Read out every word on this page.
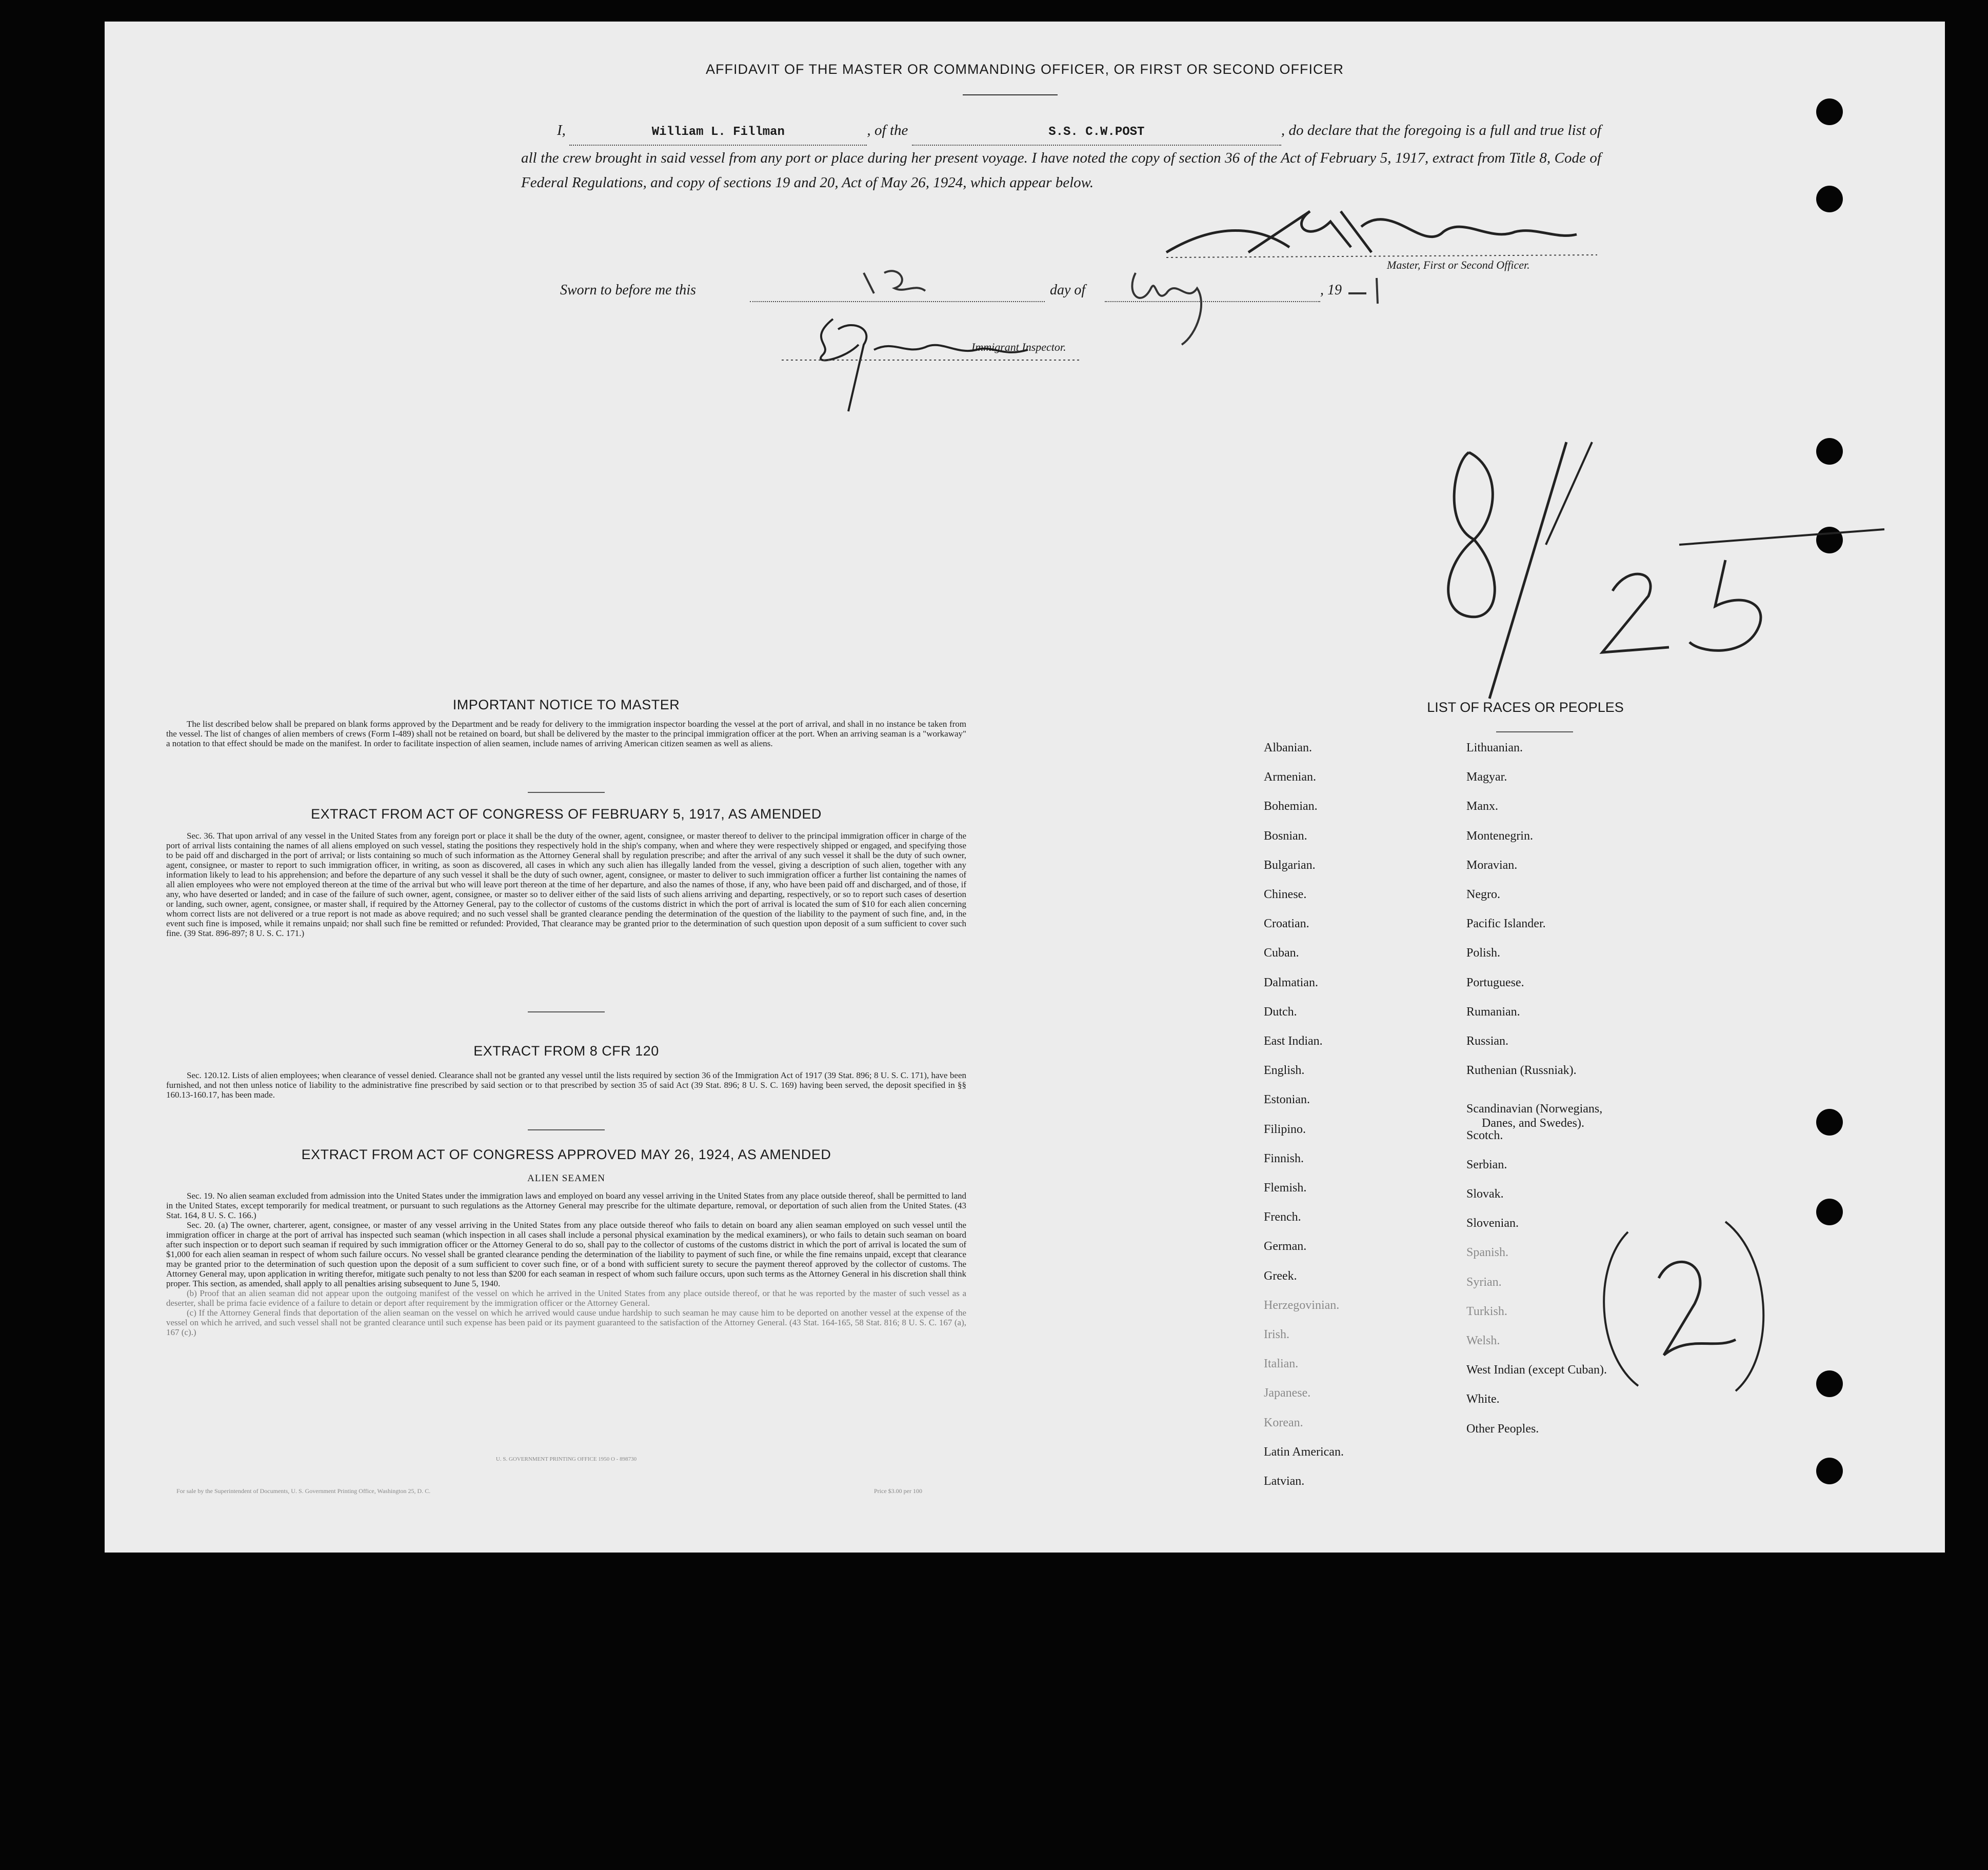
AFFIDAVIT OF THE MASTER OR COMMANDING OFFICER, OR FIRST OR SECOND OFFICER
I,	William L. Fillman	, of the	S.S. C.W.POST	, do declare that the foregoing is a full and true list of all the crew brought in said vessel from any port or place during her present voyage. I have noted the copy of section 36 of the Act of February 5, 1917, extract from Title 8, Code of Federal Regulations, and copy of sections 19 and 20, Act of May 26, 1924, which appear below.
Master, First or Second Officer.
Sworn to before me this	day of	, 19
Immigrant Inspector.
IMPORTANT NOTICE TO MASTER

The list described below shall be prepared on blank forms approved by the Department and be ready for delivery to the immigration inspector boarding the vessel at the port of arrival, and shall in no instance be taken from the vessel. The list of changes of alien members of crews (Form I-489) shall not be retained on board, but shall be delivered by the master to the principal immigration officer at the port. When an arriving seaman is a "workaway" a notation to that effect should be made on the manifest. In order to facilitate inspection of alien seamen, include names of arriving American citizen seamen as well as aliens.

EXTRACT FROM ACT OF CONGRESS OF FEBRUARY 5, 1917, AS AMENDED

Sec. 36. That upon arrival of any vessel in the United States from any foreign port or place it shall be the duty of the owner, agent, consignee, or master thereof to deliver to the principal immigration officer in charge of the port of arrival lists containing the names of all aliens employed on such vessel, stating the positions they respectively hold in the ship's company, when and where they were respectively shipped or engaged, and specifying those to be paid off and discharged in the port of arrival; or lists containing so much of such information as the Attorney General shall by regulation prescribe; and after the arrival of any such vessel it shall be the duty of such owner, agent, consignee, or master to report to such immigration officer, in writing, as soon as discovered, all cases in which any such alien has illegally landed from the vessel, giving a description of such alien, together with any information likely to lead to his apprehension; and before the departure of any such vessel it shall be the duty of such owner, agent, consignee, or master to deliver to such immigration officer a further list containing the names of all alien employees who were not employed thereon at the time of the arrival but who will leave port thereon at the time of her departure, and also the names of those, if any, who have been paid off and discharged, and of those, if any, who have deserted or landed; and in case of the failure of such owner, agent, consignee, or master so to deliver either of the said lists of such aliens arriving and departing, respectively, or so to report such cases of desertion or landing, such owner, agent, consignee, or master shall, if required by the Attorney General, pay to the collector of customs of the customs district in which the port of arrival is located the sum of $10 for each alien concerning whom correct lists are not delivered or a true report is not made as above required; and no such vessel shall be granted clearance pending the determination of the question of the liability to the payment of such fine, and, in the event such fine is imposed, while it remains unpaid; nor shall such fine be remitted or refunded: Provided, That clearance may be granted prior to the determination of such question upon deposit of a sum sufficient to cover such fine. (39 Stat. 896-897; 8 U. S. C. 171.)

EXTRACT FROM 8 CFR 120

Sec. 120.12. Lists of alien employees; when clearance of vessel denied. Clearance shall not be granted any vessel until the lists required by section 36 of the Immigration Act of 1917 (39 Stat. 896; 8 U. S. C. 171), have been furnished, and not then unless notice of liability to the administrative fine prescribed by said section or to that prescribed by section 35 of said Act (39 Stat. 896; 8 U. S. C. 169) having been served, the deposit specified in §§ 160.13-160.17, has been made.

EXTRACT FROM ACT OF CONGRESS APPROVED MAY 26, 1924, AS AMENDED
ALIEN SEAMEN

Sec. 19. No alien seaman excluded from admission into the United States under the immigration laws and employed on board any vessel arriving in the United States from any place outside thereof, shall be permitted to land in the United States, except temporarily for medical treatment, or pursuant to such regulations as the Attorney General may prescribe for the ultimate departure, removal, or deportation of such alien from the United States. (43 Stat. 164, 8 U. S. C. 166.)

Sec. 20. (a) The owner, charterer, agent, consignee, or master of any vessel arriving in the United States from any place outside thereof who fails to detain on board any alien seaman employed on such vessel until the immigration officer in charge at the port of arrival has inspected such seaman (which inspection in all cases shall include a personal physical examination by the medical examiners), or who fails to detain such seaman on board after such inspection or to deport such seaman if required by such immigration officer or the Attorney General to do so, shall pay to the collector of customs of the customs district in which the port of arrival is located the sum of $1,000 for each alien seaman in respect of whom such failure occurs. No vessel shall be granted clearance pending the determination of the liability to payment of such fine, or while the fine remains unpaid, except that clearance may be granted prior to the determination of such question upon the deposit of a sum sufficient to cover such fine, or of a bond with sufficient surety to secure the payment thereof approved by the collector of customs. The Attorney General may, upon application in writing therefor, mitigate such penalty to not less than $200 for each seaman in respect of whom such failure occurs, upon such terms as the Attorney General in his discretion shall think proper. This section, as amended, shall apply to all penalties arising subsequent to June 5, 1940.

(b) Proof that an alien seaman did not appear upon the outgoing manifest of the vessel on which he arrived in the United States from any place outside thereof, or that he was reported by the master of such vessel as a deserter, shall be prima facie evidence of a failure to detain or deport after requirement by the immigration officer or the Attorney General.

(c) If the Attorney General finds that deportation of the alien seaman on the vessel on which he arrived would cause undue hardship to such seaman he may cause him to be deported on another vessel at the expense of the vessel on which he arrived, and such vessel shall not be granted clearance until such expense has been paid or its payment guaranteed to the satisfaction of the Attorney General. (43 Stat. 164-165, 58 Stat. 816; 8 U. S. C. 167 (a), 167 (c).)

U. S. GOVERNMENT PRINTING OFFICE 1950 O - 898730
For sale by the Superintendent of Documents, U. S. Government Printing Office, Washington 25, D. C.	Price $3.00 per 100
LIST OF RACES OR PEOPLES
Albanian.
Armenian.
Bohemian.
Bosnian.
Bulgarian.
Chinese.
Croatian.
Cuban.
Dalmatian.
Dutch.
East Indian.
English.
Estonian.
Filipino.
Finnish.
Flemish.
French.
German.
Greek.
Herzegovinian.
Irish.
Italian.
Japanese.
Korean.
Latin American.
Latvian.
Lithuanian.
Magyar.
Manx.
Montenegrin.
Moravian.
Negro.
Pacific Islander.
Polish.
Portuguese.
Rumanian.
Russian.
Ruthenian (Russniak).
Scandinavian (Norwegians,
Danes, and Swedes).
Scotch.
Serbian.
Slovak.
Slovenian.
Spanish.
Syrian.
Turkish.
Welsh.
West Indian (except Cuban).
White.
Other Peoples.
